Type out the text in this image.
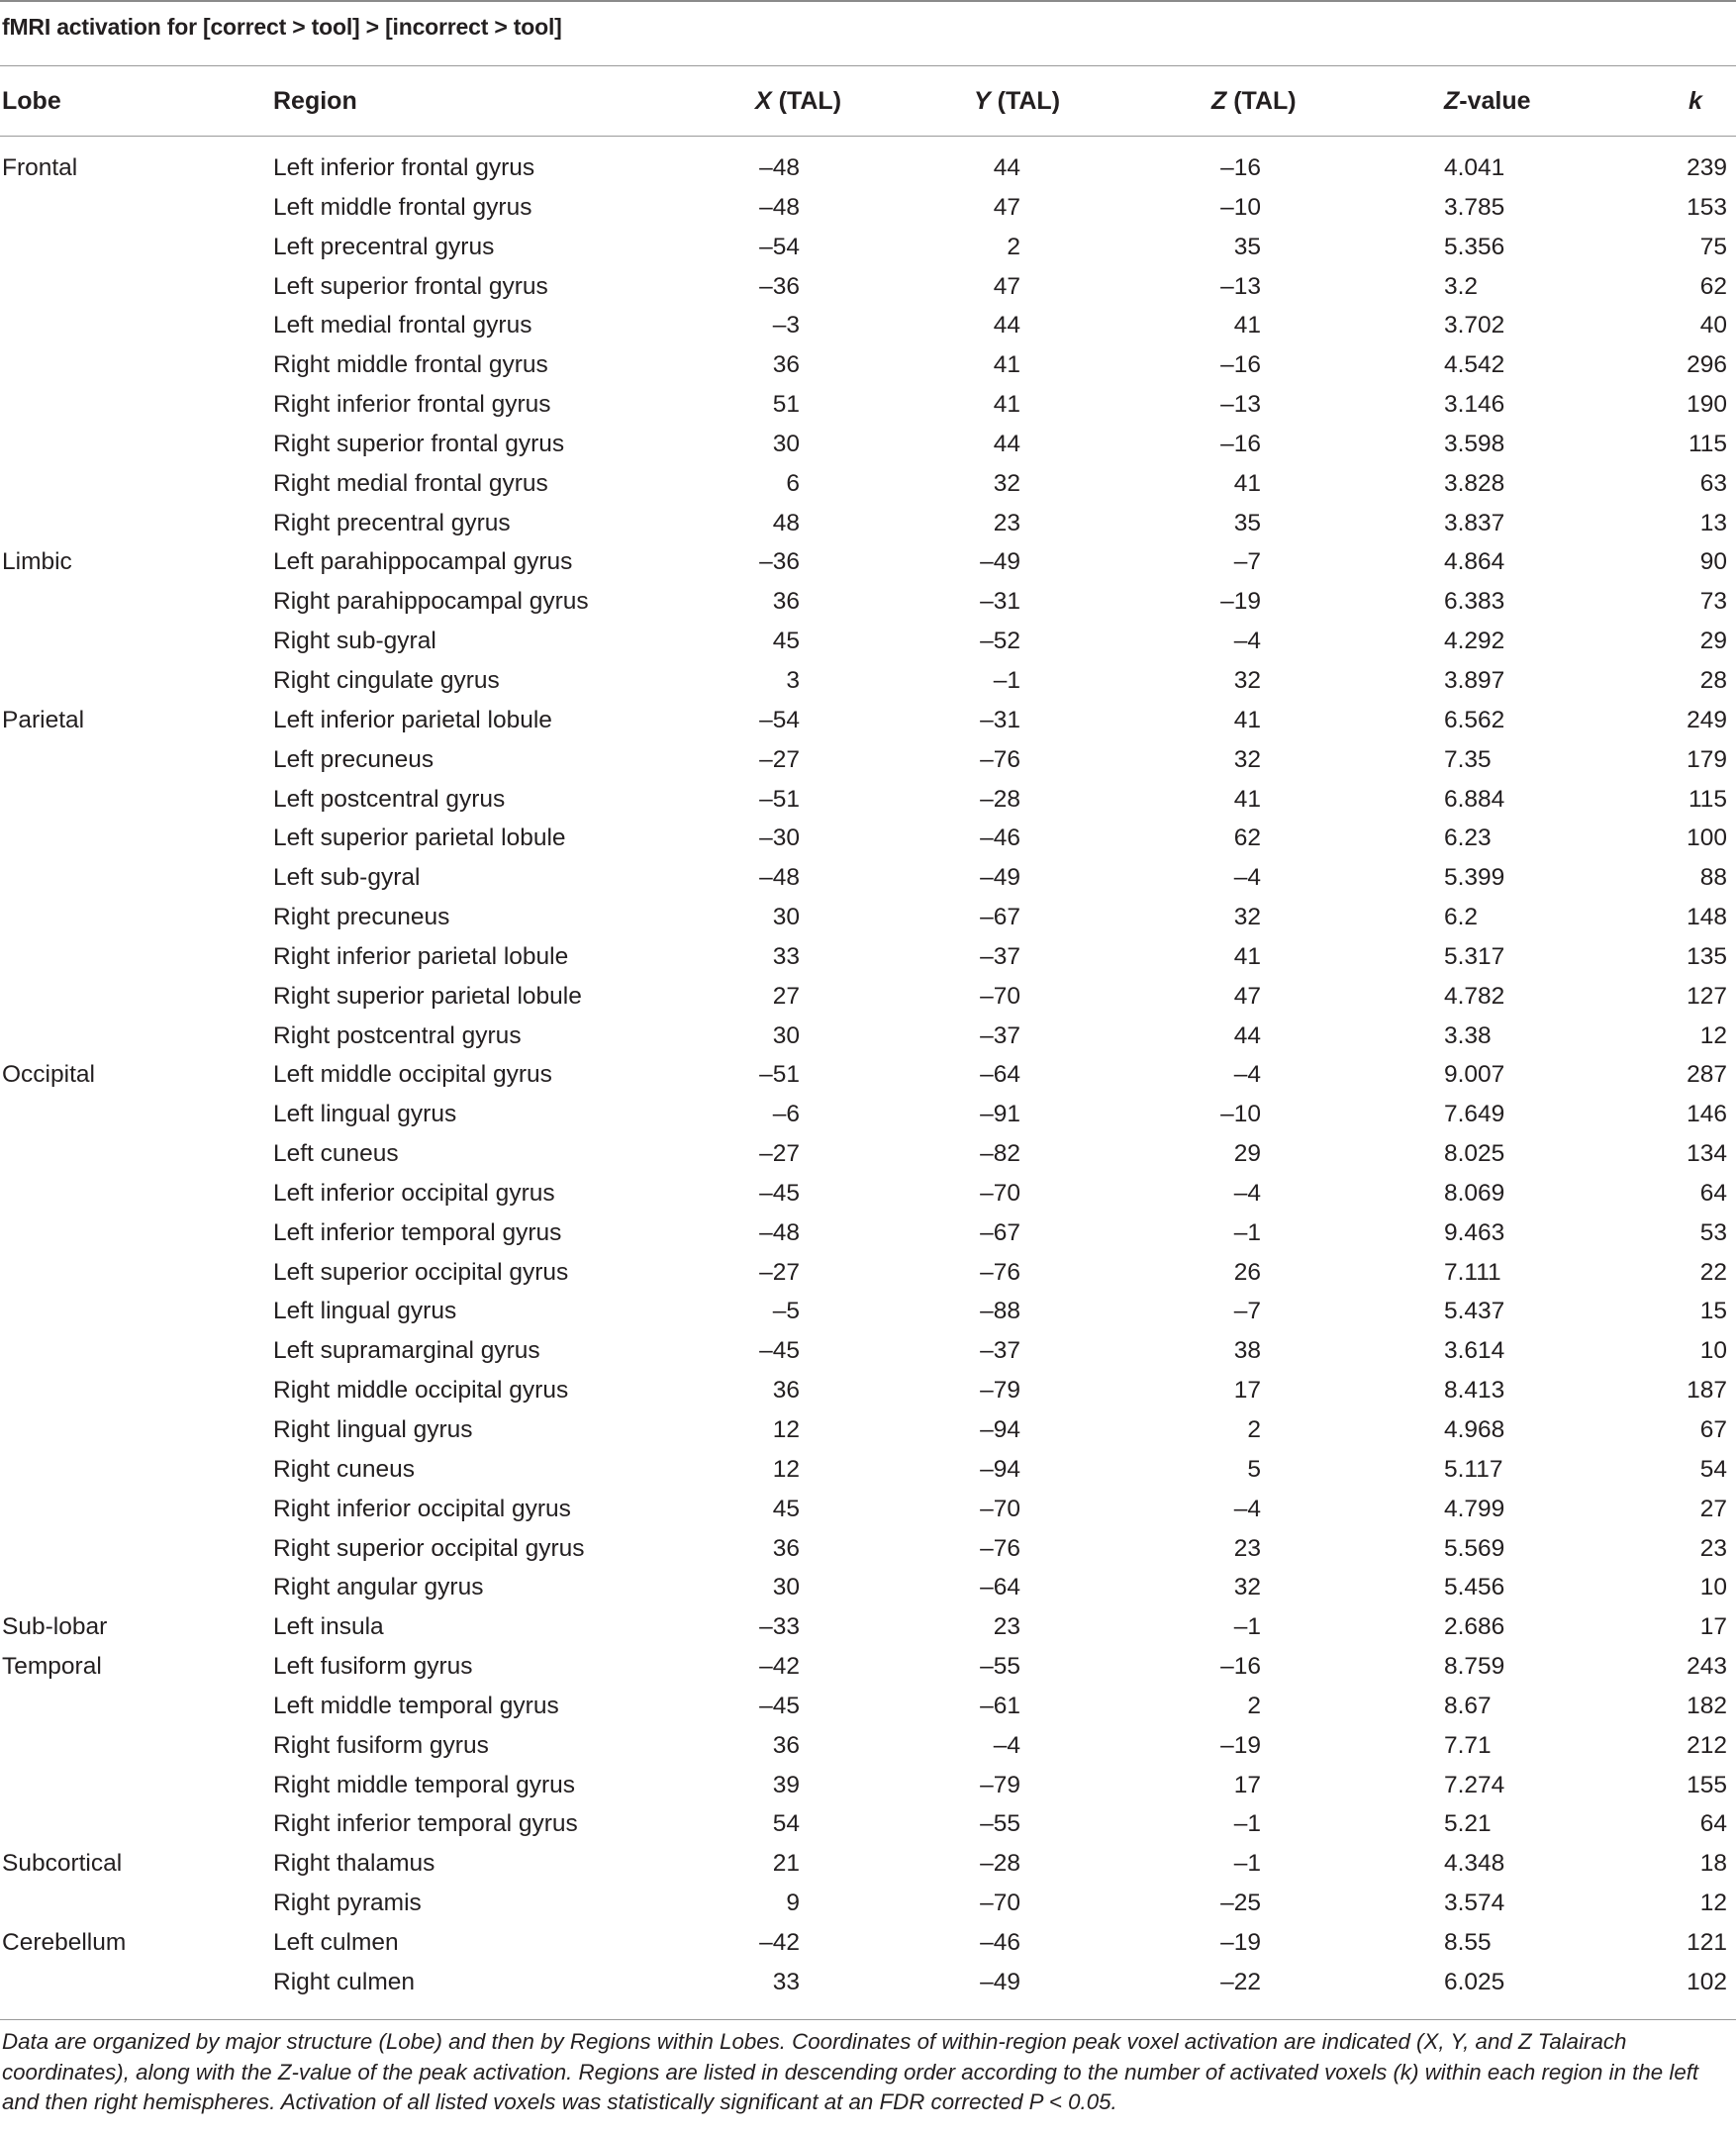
fMRI activation for [correct > tool] > [incorrect > tool]
Lobe	Region	X (TAL)	Y (TAL)	Z (TAL)	Z-value	k
Frontal	Left inferior frontal gyrus	–48	44	–16	4.041	239
Left middle frontal gyrus	–48	47	–10	3.785	153
Left precentral gyrus	–54	2	35	5.356	75
Left superior frontal gyrus	–36	47	–13	3.2	62
Left medial frontal gyrus	–3	44	41	3.702	40
Right middle frontal gyrus	36	41	–16	4.542	296
Right inferior frontal gyrus	51	41	–13	3.146	190
Right superior frontal gyrus	30	44	–16	3.598	115
Right medial frontal gyrus	6	32	41	3.828	63
Right precentral gyrus	48	23	35	3.837	13
Limbic	Left parahippocampal gyrus	–36	–49	–7	4.864	90
Right parahippocampal gyrus	36	–31	–19	6.383	73
Right sub-gyral	45	–52	–4	4.292	29
Right cingulate gyrus	3	–1	32	3.897	28
Parietal	Left inferior parietal lobule	–54	–31	41	6.562	249
Left precuneus	–27	–76	32	7.35	179
Left postcentral gyrus	–51	–28	41	6.884	115
Left superior parietal lobule	–30	–46	62	6.23	100
Left sub-gyral	–48	–49	–4	5.399	88
Right precuneus	30	–67	32	6.2	148
Right inferior parietal lobule	33	–37	41	5.317	135
Right superior parietal lobule	27	–70	47	4.782	127
Right postcentral gyrus	30	–37	44	3.38	12
Occipital	Left middle occipital gyrus	–51	–64	–4	9.007	287
Left lingual gyrus	–6	–91	–10	7.649	146
Left cuneus	–27	–82	29	8.025	134
Left inferior occipital gyrus	–45	–70	–4	8.069	64
Left inferior temporal gyrus	–48	–67	–1	9.463	53
Left superior occipital gyrus	–27	–76	26	7.111	22
Left lingual gyrus	–5	–88	–7	5.437	15
Left supramarginal gyrus	–45	–37	38	3.614	10
Right middle occipital gyrus	36	–79	17	8.413	187
Right lingual gyrus	12	–94	2	4.968	67
Right cuneus	12	–94	5	5.117	54
Right inferior occipital gyrus	45	–70	–4	4.799	27
Right superior occipital gyrus	36	–76	23	5.569	23
Right angular gyrus	30	–64	32	5.456	10
Sub-lobar	Left insula	–33	23	–1	2.686	17
Temporal	Left fusiform gyrus	–42	–55	–16	8.759	243
Left middle temporal gyrus	–45	–61	2	8.67	182
Right fusiform gyrus	36	–4	–19	7.71	212
Right middle temporal gyrus	39	–79	17	7.274	155
Right inferior temporal gyrus	54	–55	–1	5.21	64
Subcortical	Right thalamus	21	–28	–1	4.348	18
Right pyramis	9	–70	–25	3.574	12
Cerebellum	Left culmen	–42	–46	–19	8.55	121
Right culmen	33	–49	–22	6.025	102
Data are organized by major structure (Lobe) and then by Regions within Lobes. Coordinates of within-region peak voxel activation are indicated (X, Y, and Z Talairach coordinates), along with the Z-value of the peak activation. Regions are listed in descending order according to the number of activated voxels (k) within each region in the left and then right hemispheres. Activation of all listed voxels was statistically significant at an FDR corrected P < 0.05.
